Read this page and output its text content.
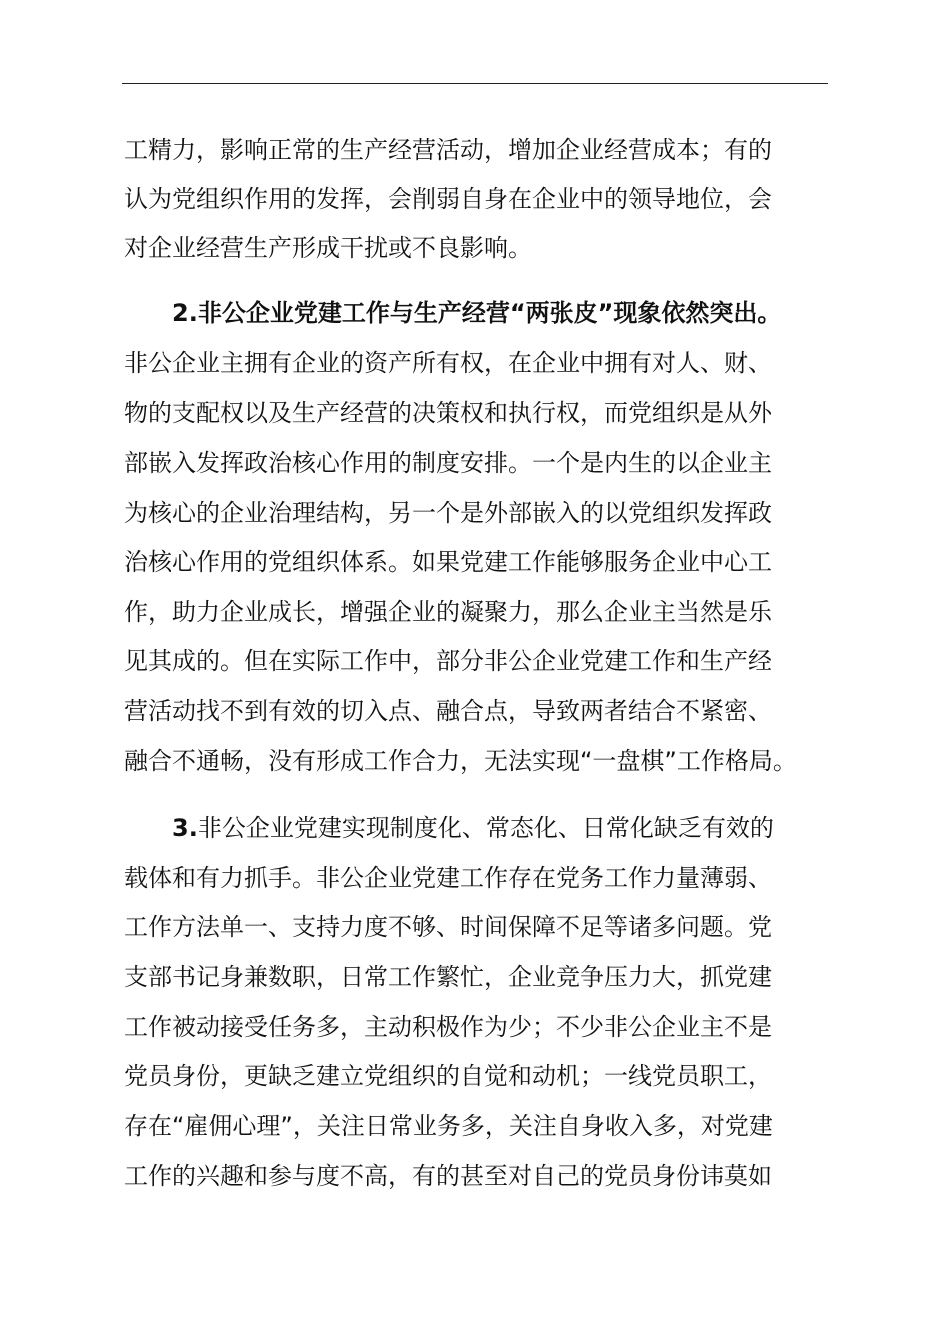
工精力，影响正常的生产经营活动，增加企业经营成本；有的
认为党组织作用的发挥，会削弱自身在企业中的领导地位，会
对企业经营生产形成干扰或不良影响。
2.非公企业党建工作与生产经营“两张皮”现象依然突出。
非公企业主拥有企业的资产所有权，在企业中拥有对人、财、
物的支配权以及生产经营的决策权和执行权，而党组织是从外
部嵌入发挥政治核心作用的制度安排。一个是内生的以企业主
为核心的企业治理结构，另一个是外部嵌入的以党组织发挥政
治核心作用的党组织体系。如果党建工作能够服务企业中心工
作，助力企业成长，增强企业的凝聚力，那么企业主当然是乐
见其成的。但在实际工作中，部分非公企业党建工作和生产经
营活动找不到有效的切入点、融合点，导致两者结合不紧密、
融合不通畅，没有形成工作合力，无法实现“一盘棋”工作格局。
3.非公企业党建实现制度化、常态化、日常化缺乏有效的
载体和有力抓手。非公企业党建工作存在党务工作力量薄弱、
工作方法单一、支持力度不够、时间保障不足等诸多问题。党
支部书记身兼数职，日常工作繁忙，企业竞争压力大，抓党建
工作被动接受任务多，主动积极作为少；不少非公企业主不是
党员身份，更缺乏建立党组织的自觉和动机；一线党员职工，
存在“雇佣心理”，关注日常业务多，关注自身收入多，对党建
工作的兴趣和参与度不高，有的甚至对自己的党员身份讳莫如
